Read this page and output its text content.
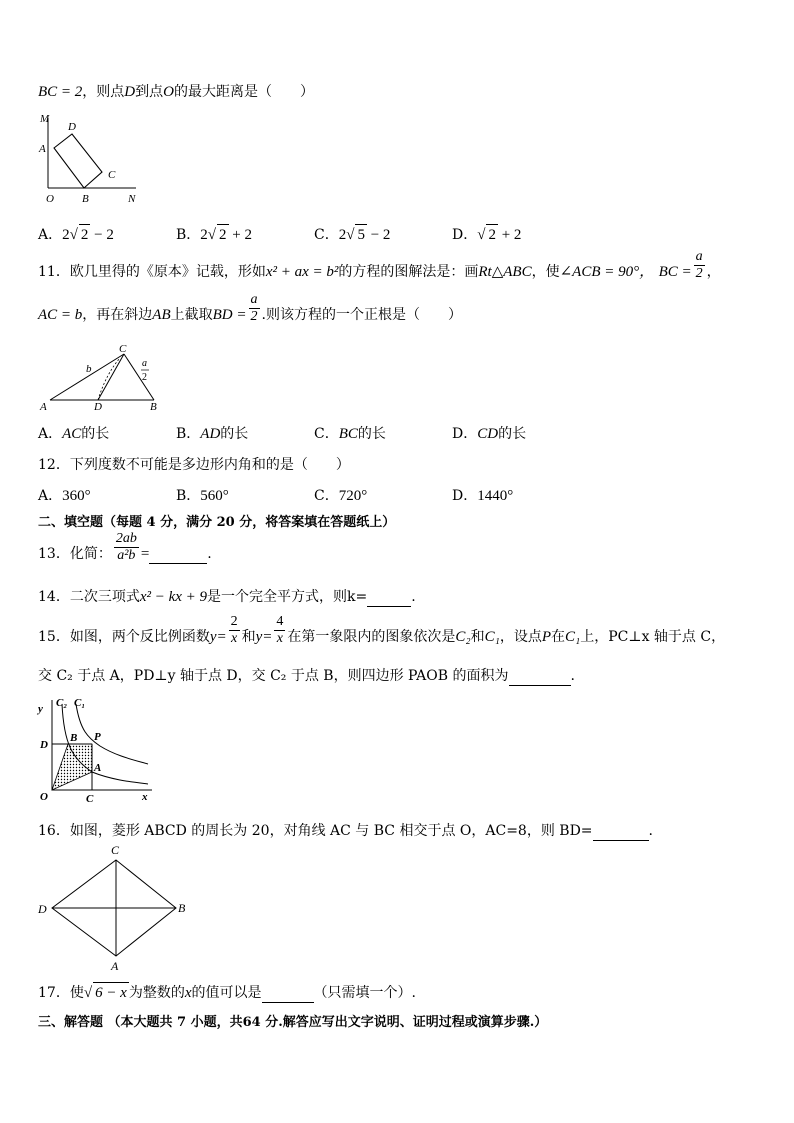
BC = 2，则点D到点O的最大距离是（　　）
M
D
A
C
O	B	N
A．2√ 2 − 2	B．2√ 2 + 2	C．2√ 5 − 2	D．√ 2 + 2
11．欧几里得的《原本》记载，形如x² + ax = b²的方程的图解法是：画Rt△ABC，使∠ACB = 90°， BC = $\frac{a}{2}$ ，
AC = b，再在斜边AB上截取BD = $\frac{a}{2}$ .则该方程的一个正根是（　　）
C
b	a
2
A	D	B
A．AC的长	B．AD的长	C．BC的长	D．CD的长
12．下列度数不可能是多边形内角和的是（　　）
A．360°	B．560°	C．720°	D．1440°
二、填空题（每题 4 分，满分 20 分，将答案填在答题纸上）
13．化简： $\frac{2ab}{\text{a²b}}$ =	.
14．二次三项式x² − kx + 9是一个完全平方式，则k=	.
15．如图，两个反比例函数$y= \frac{2}{x}$ 和$y= \frac{4}{x}$ 在第一象限内的图象依次是C₂和C₁，设点P在C₁上，PC⊥x 轴于点 C，
交 C₂ 于点 A，PD⊥y 轴于点 D，交 C₂ 于点 B，则四边形 PAOB 的面积为	.
y C₂ C₁
D
B P
A
O	C	x
16．如图，菱形 ABCD 的周长为 20，对角线 AC 与 BC 相交于点 O，AC=8，则 BD=	.
C
D	B
A
17．使√ 6 − x 为整数的x的值可以是	（只需填一个）.
三、解答题 （本大题共 7 小题，共64 分.解答应写出文字说明、证明过程或演算步骤.）
